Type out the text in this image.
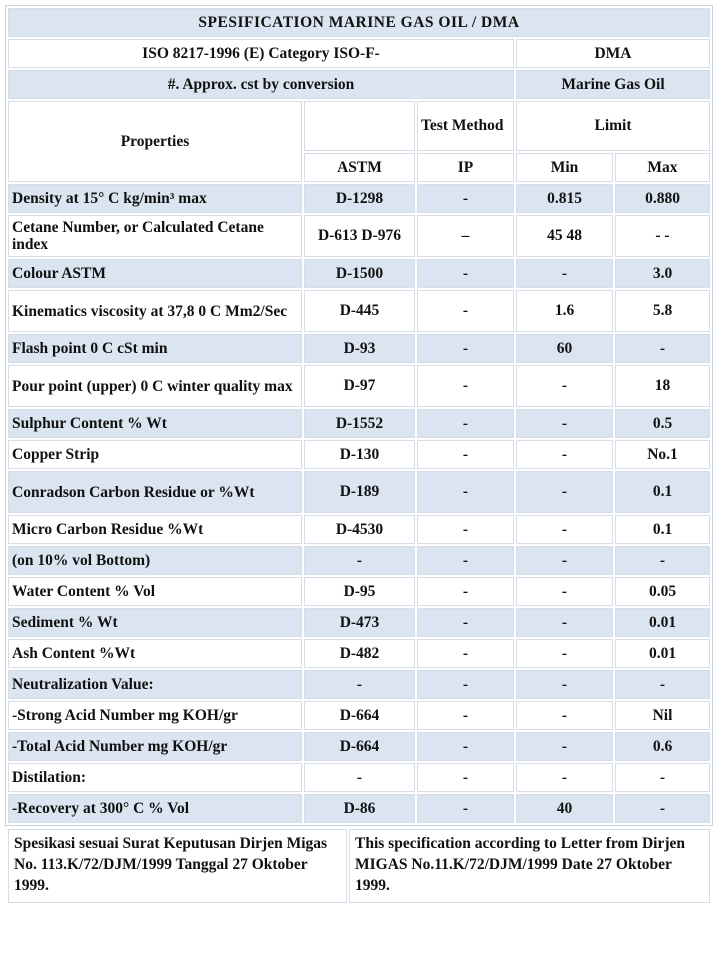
SPESIFICATION MARINE GAS OIL / DMA				
ISO 8217-1996 (E) Category ISO-F-			DMA	
#. Approx. cst by conversion			Marine Gas Oil	
Properties		Test Method	Limit	
	ASTM	IP	Min	Max
Density at 15° C kg/min³ max	D-1298	-	0.815	0.880
Cetane Number, or Calculated Cetane index	D-613 D-976	–	45 48	- -
Colour ASTM	D-1500	-	-	3.0
Kinematics viscosity at 37,8 0 C Mm2/Sec	D-445	-	1.6	5.8
Flash point 0 C cSt min	D-93	-	60	-
Pour point (upper) 0 C winter quality max	D-97	-	-	18
Sulphur Content % Wt	D-1552	-	-	0.5
Copper Strip	D-130	-	-	No.1
Conradson Carbon Residue or %Wt	D-189	-	-	0.1
Micro Carbon Residue %Wt	D-4530	-	-	0.1
(on 10% vol Bottom)	-	-	-	-
Water Content % Vol	D-95	-	-	0.05
Sediment % Wt	D-473	-	-	0.01
Ash Content %Wt	D-482	-	-	0.01
Neutralization Value:	-	-	-	-
-Strong Acid Number mg KOH/gr	D-664	-	-	Nil
-Total Acid Number mg KOH/gr	D-664	-	-	0.6
Distilation:	-	-	-	-
-Recovery at 300° C % Vol	D-86	-	40	-
Spesikasi sesuai Surat Keputusan Dirjen Migas No. 113.K/72/DJM/1999 Tanggal 27 Oktober 1999.	This specification according to Letter from Dirjen MIGAS No.11.K/72/DJM/1999 Date 27 Oktober 1999.
